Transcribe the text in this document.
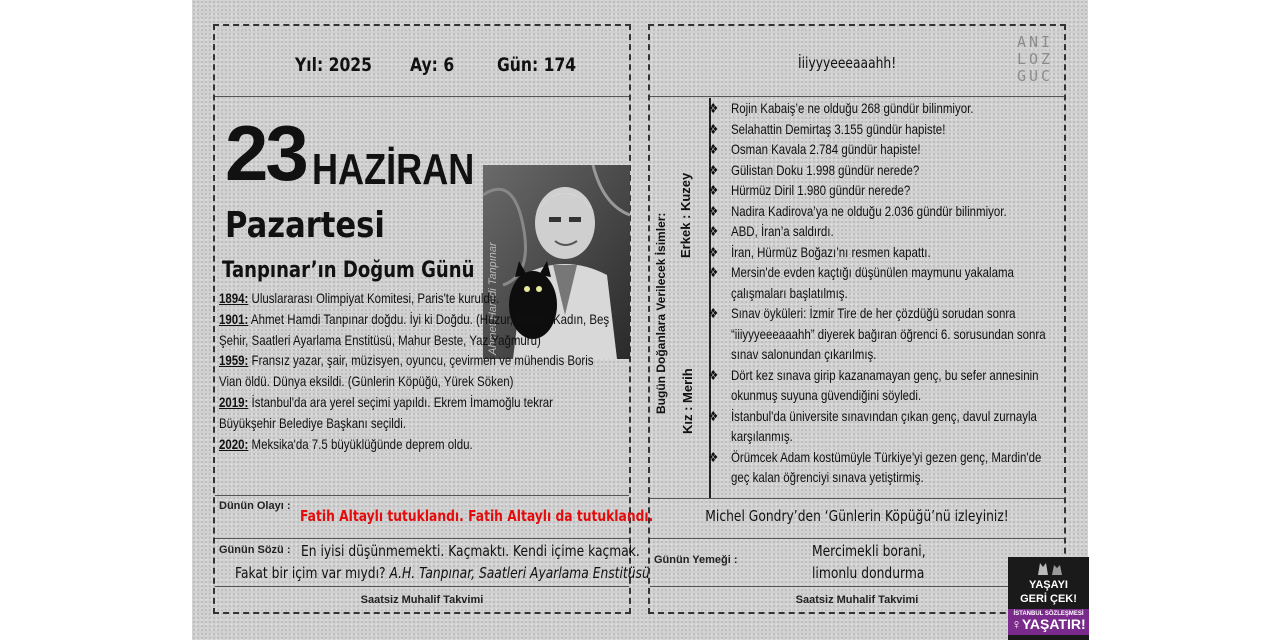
Yıl: 2025 Ay: 6 Gün: 174
23 HAZİRAN
Pazartesi
Tanpınar’ın Doğum Günü Ahmet Hamdi Tanpınar
1894: Uluslararası Olimpiyat Komitesi, Paris'te kuruldu.
1901: Ahmet Hamdi Tanpınar doğdu. İyi ki Doğdu. (Huzur, Aydaki Kadın, Beş Şehir, Saatleri Ayarlama Enstitüsü, Mahur Beste, Yaz Yağmuru)
1959: Fransız yazar, şair, müzisyen, oyuncu, çevirmen ve mühendis Boris Vian öldü. Dünya eksildi. (Günlerin Köpüğü, Yürek Söken)
2019: İstanbul'da ara yerel seçimi yapıldı. Ekrem İmamoğlu tekrar Büyükşehir Belediye Başkanı seçildi.
2020: Meksika'da 7.5 büyüklüğünde deprem oldu.
Dünün Olayı :
Fatih Altaylı tutuklandı. Fatih Altaylı da tutuklandı.
Günün Sözü : En iyisi düşünmemekti. Kaçmaktı. Kendi içime kaçmak.
Fakat bir içim var mıydı? A.H. Tanpınar, Saatleri Ayarlama Enstitüsü
Saatsiz Muhalif Takvimi
İiiyyyeeeaaahh!
ANI
LOZ
GUC
Bugün Doğanlara Verilecek İsimler: Kız : Merih
Erkek : Kuzey
❖ Rojin Kabaiş’e ne olduğu 268 gündür bilinmiyor.
❖ Selahattin Demirtaş 3.155 gündür hapiste!
❖ Osman Kavala 2.784 gündür hapiste!
❖ Gülistan Doku 1.998 gündür nerede?
❖ Hürmüz Diril 1.980 gündür nerede?
❖ Nadira Kadirova’ya ne olduğu 2.036 gündür bilinmiyor.
❖ ABD, İran’a saldırdı.
❖ İran, Hürmüz Boğazı’nı resmen kapattı.
❖ Mersin'de evden kaçtığı düşünülen maymunu yakalama çalışmaları başlatılmış.
❖ Sınav öyküleri: İzmir Tire de her çözdüğü sorudan sonra “iiiyyyeeeaaahh” diyerek bağıran öğrenci 6. sorusundan sonra sınav salonundan çıkarılmış.
❖ Dört kez sınava girip kazanamayan genç, bu sefer annesinin okunmuş suyuna güvendiğini söyledi.
❖ İstanbul'da üniversite sınavından çıkan genç, davul zurnayla karşılanmış.
❖ Örümcek Adam kostümüyle Türkiye'yi gezen genç, Mardin'de geç kalan öğrenciyi sınava yetiştirmiş.
Michel Gondry’den ‘Günlerin Köpüğü’nü izleyiniz!
Günün Yemeği :	Mercimekli borani,
limonlu dondurma
Saatsiz Muhalif Takvimi
YAŞAYI
GERİ ÇEK!
İSTANBUL SÖZLEŞMESİ
♀YAŞATIR!
